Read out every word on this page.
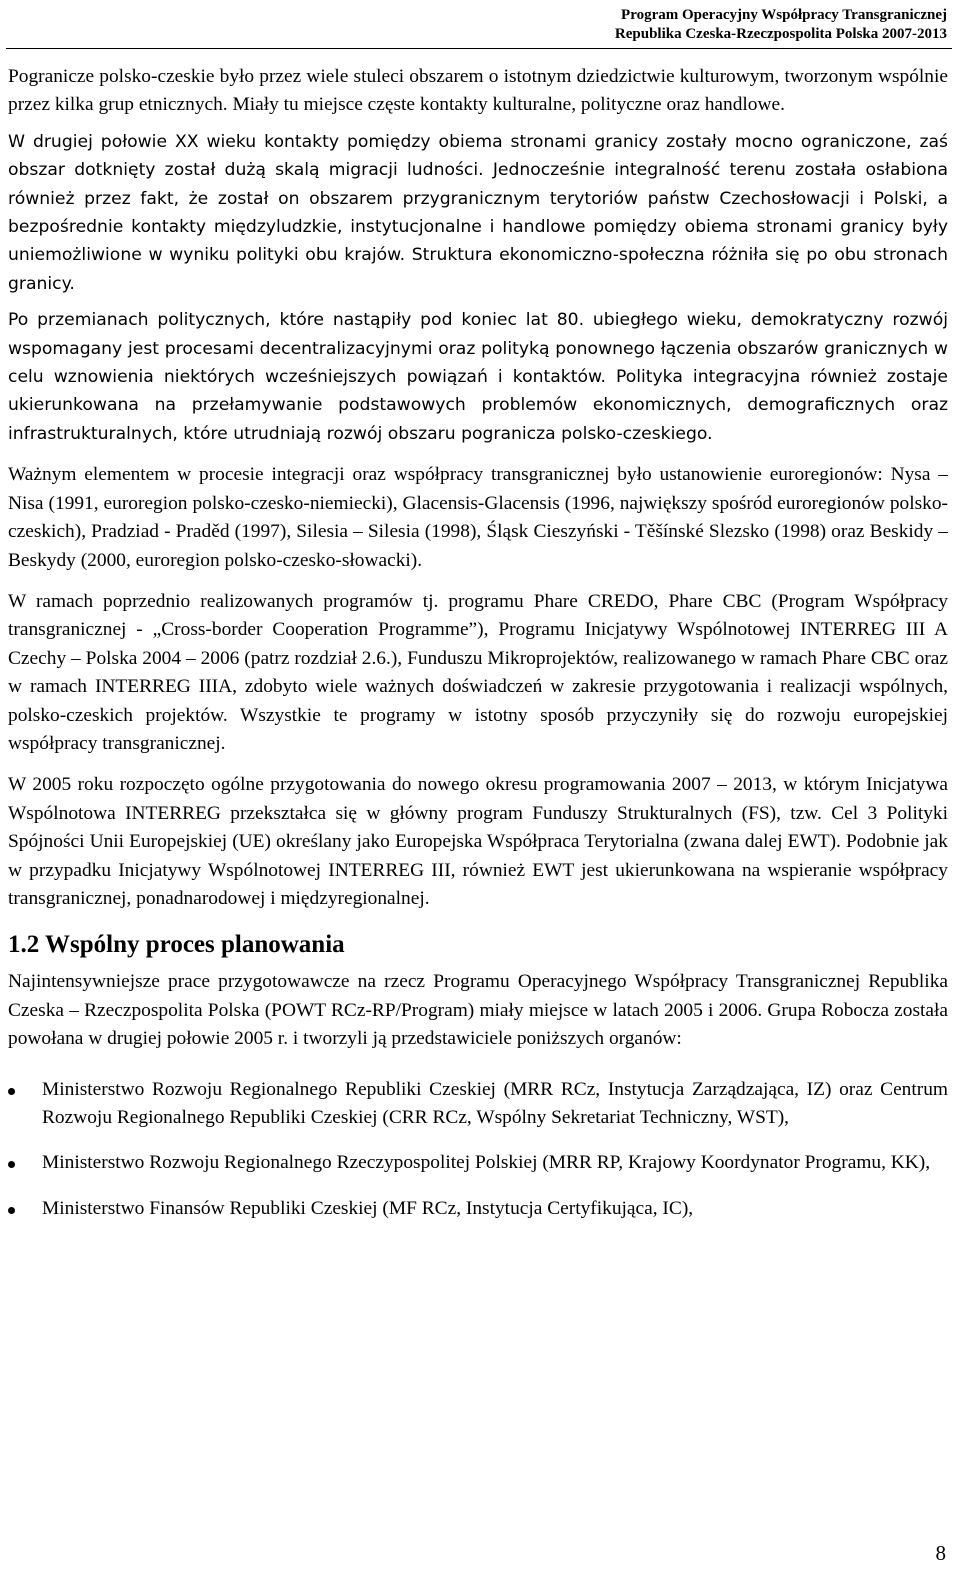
Program Operacyjny Współpracy Transgranicznej
Republika Czeska-Rzeczpospolita Polska 2007-2013

Pogranicze polsko-czeskie było przez wiele stuleci obszarem o istotnym dziedzictwie kulturowym, tworzonym wspólnie przez kilka grup etnicznych. Miały tu miejsce częste kontakty kulturalne, polityczne oraz handlowe.

W drugiej połowie XX wieku kontakty pomiędzy obiema stronami granicy zostały mocno ograniczone, zaś obszar dotknięty został dużą skalą migracji ludności. Jednocześnie integralność terenu została osłabiona również przez fakt, że został on obszarem przygranicznym terytoriów państw Czechosłowacji i Polski, a bezpośrednie kontakty międzyludzkie, instytucjonalne i handlowe pomiędzy obiema stronami granicy były uniemożliwione w wyniku polityki obu krajów. Struktura ekonomiczno-społeczna różniła się po obu stronach granicy.

Po przemianach politycznych, które nastąpiły pod koniec lat 80. ubiegłego wieku, demokratyczny rozwój wspomagany jest procesami decentralizacyjnymi oraz polityką ponownego łączenia obszarów granicznych w celu wznowienia niektórych wcześniejszych powiązań i kontaktów. Polityka integracyjna również zostaje ukierunkowana na przełamywanie podstawowych problemów ekonomicznych, demograficznych oraz infrastrukturalnych, które utrudniają rozwój obszaru pogranicza polsko-czeskiego.

Ważnym elementem w procesie integracji oraz współpracy transgranicznej było ustanowienie euroregionów: Nysa – Nisa (1991, euroregion polsko-czesko-niemiecki), Glacensis-Glacensis (1996, największy spośród euroregionów polsko-czeskich), Pradziad - Praděd (1997), Silesia – Silesia (1998), Śląsk Cieszyński - Těšínské Slezsko (1998) oraz Beskidy – Beskydy (2000, euroregion polsko-czesko-słowacki).

W ramach poprzednio realizowanych programów tj. programu Phare CREDO, Phare CBC (Program Współpracy transgranicznej - „Cross-border Cooperation Programme”), Programu Inicjatywy Wspólnotowej INTERREG III A Czechy – Polska 2004 – 2006 (patrz rozdział 2.6.), Funduszu Mikroprojektów, realizowanego w ramach Phare CBC oraz w ramach INTERREG IIIA, zdobyto wiele ważnych doświadczeń w zakresie przygotowania i realizacji wspólnych, polsko-czeskich projektów. Wszystkie te programy w istotny sposób przyczyniły się do rozwoju europejskiej współpracy transgranicznej.

W 2005 roku rozpoczęto ogólne przygotowania do nowego okresu programowania 2007 – 2013, w którym Inicjatywa Wspólnotowa INTERREG przekształca się w główny program Funduszy Strukturalnych (FS), tzw. Cel 3 Polityki Spójności Unii Europejskiej (UE) określany jako Europejska Współpraca Terytorialna (zwana dalej EWT). Podobnie jak w przypadku Inicjatywy Wspólnotowej INTERREG III, również EWT jest ukierunkowana na wspieranie współpracy transgranicznej, ponadnarodowej i międzyregionalnej.

1.2 Wspólny proces planowania

Najintensywniejsze prace przygotowawcze na rzecz Programu Operacyjnego Współpracy Transgranicznej Republika Czeska – Rzeczpospolita Polska (POWT RCz-RP/Program) miały miejsce w latach 2005 i 2006. Grupa Robocza została powołana w drugiej połowie 2005 r. i tworzyli ją przedstawiciele poniższych organów:

Ministerstwo Rozwoju Regionalnego Republiki Czeskiej (MRR RCz, Instytucja Zarządzająca, IZ) oraz Centrum Rozwoju Regionalnego Republiki Czeskiej (CRR RCz, Wspólny Sekretariat Techniczny, WST),
Ministerstwo Rozwoju Regionalnego Rzeczypospolitej Polskiej (MRR RP, Krajowy Koordynator Programu, KK),
Ministerstwo Finansów Republiki Czeskiej (MF RCz, Instytucja Certyfikująca, IC),
8
